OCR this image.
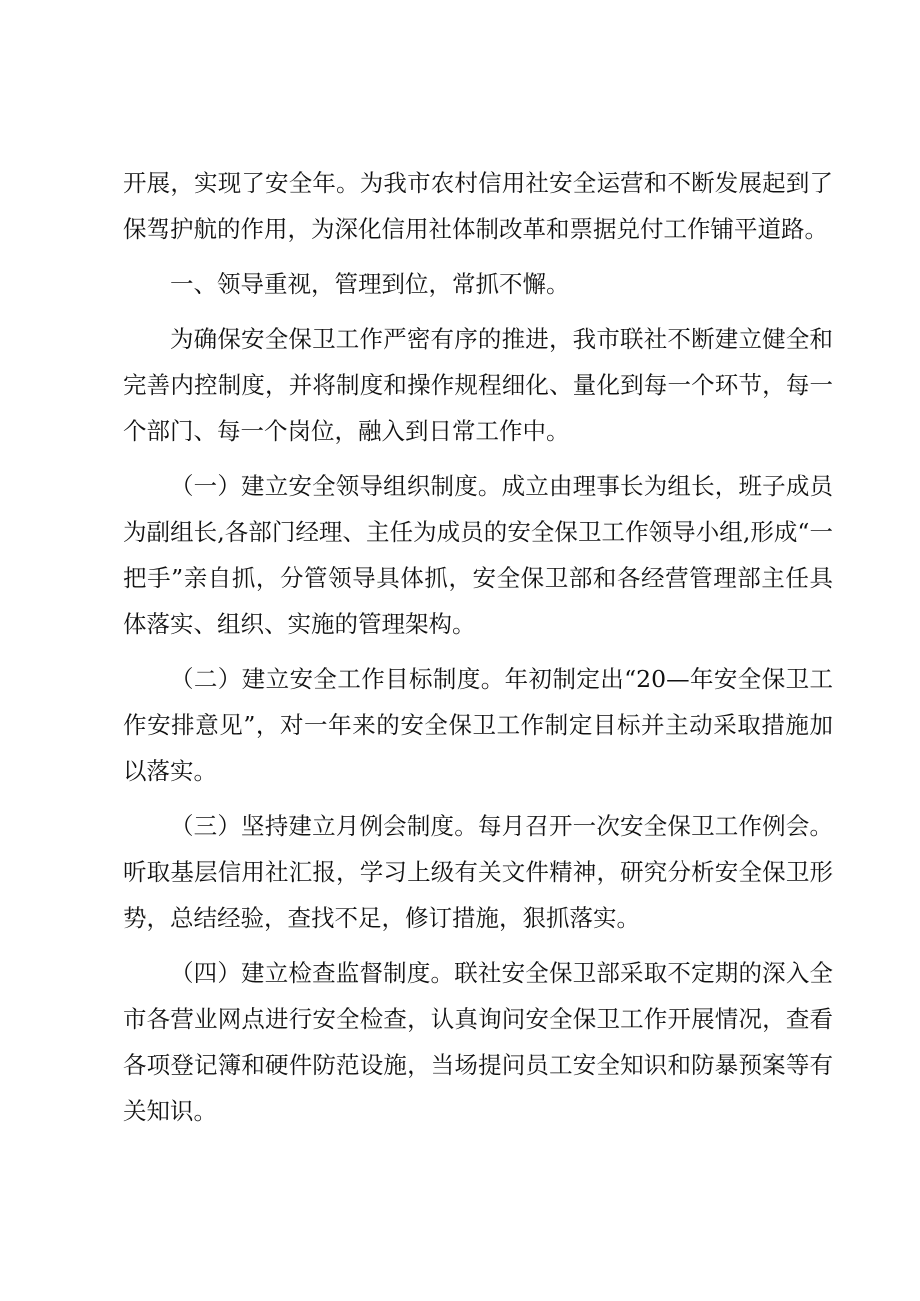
开展，实现了安全年。为我市农村信用社安全运营和不断发展起到了保驾护航的作用，为深化信用社体制改革和票据兑付工作铺平道路。

一、领导重视，管理到位，常抓不懈。

为确保安全保卫工作严密有序的推进，我市联社不断建立健全和完善内控制度，并将制度和操作规程细化、量化到每一个环节，每一个部门、每一个岗位，融入到日常工作中。

（一）建立安全领导组织制度。成立由理事长为组长，班子成员为副组长,各部门经理、主任为成员的安全保卫工作领导小组,形成“一把手”亲自抓，分管领导具体抓，安全保卫部和各经营管理部主任具体落实、组织、实施的管理架构。

（二）建立安全工作目标制度。年初制定出“20—年安全保卫工作安排意见”，对一年来的安全保卫工作制定目标并主动采取措施加以落实。

（三）坚持建立月例会制度。每月召开一次安全保卫工作例会。听取基层信用社汇报，学习上级有关文件精神，研究分析安全保卫形势，总结经验，查找不足，修订措施，狠抓落实。

（四）建立检查监督制度。联社安全保卫部采取不定期的深入全市各营业网点进行安全检查，认真询问安全保卫工作开展情况，查看各项登记簿和硬件防范设施，当场提问员工安全知识和防暴预案等有关知识。
